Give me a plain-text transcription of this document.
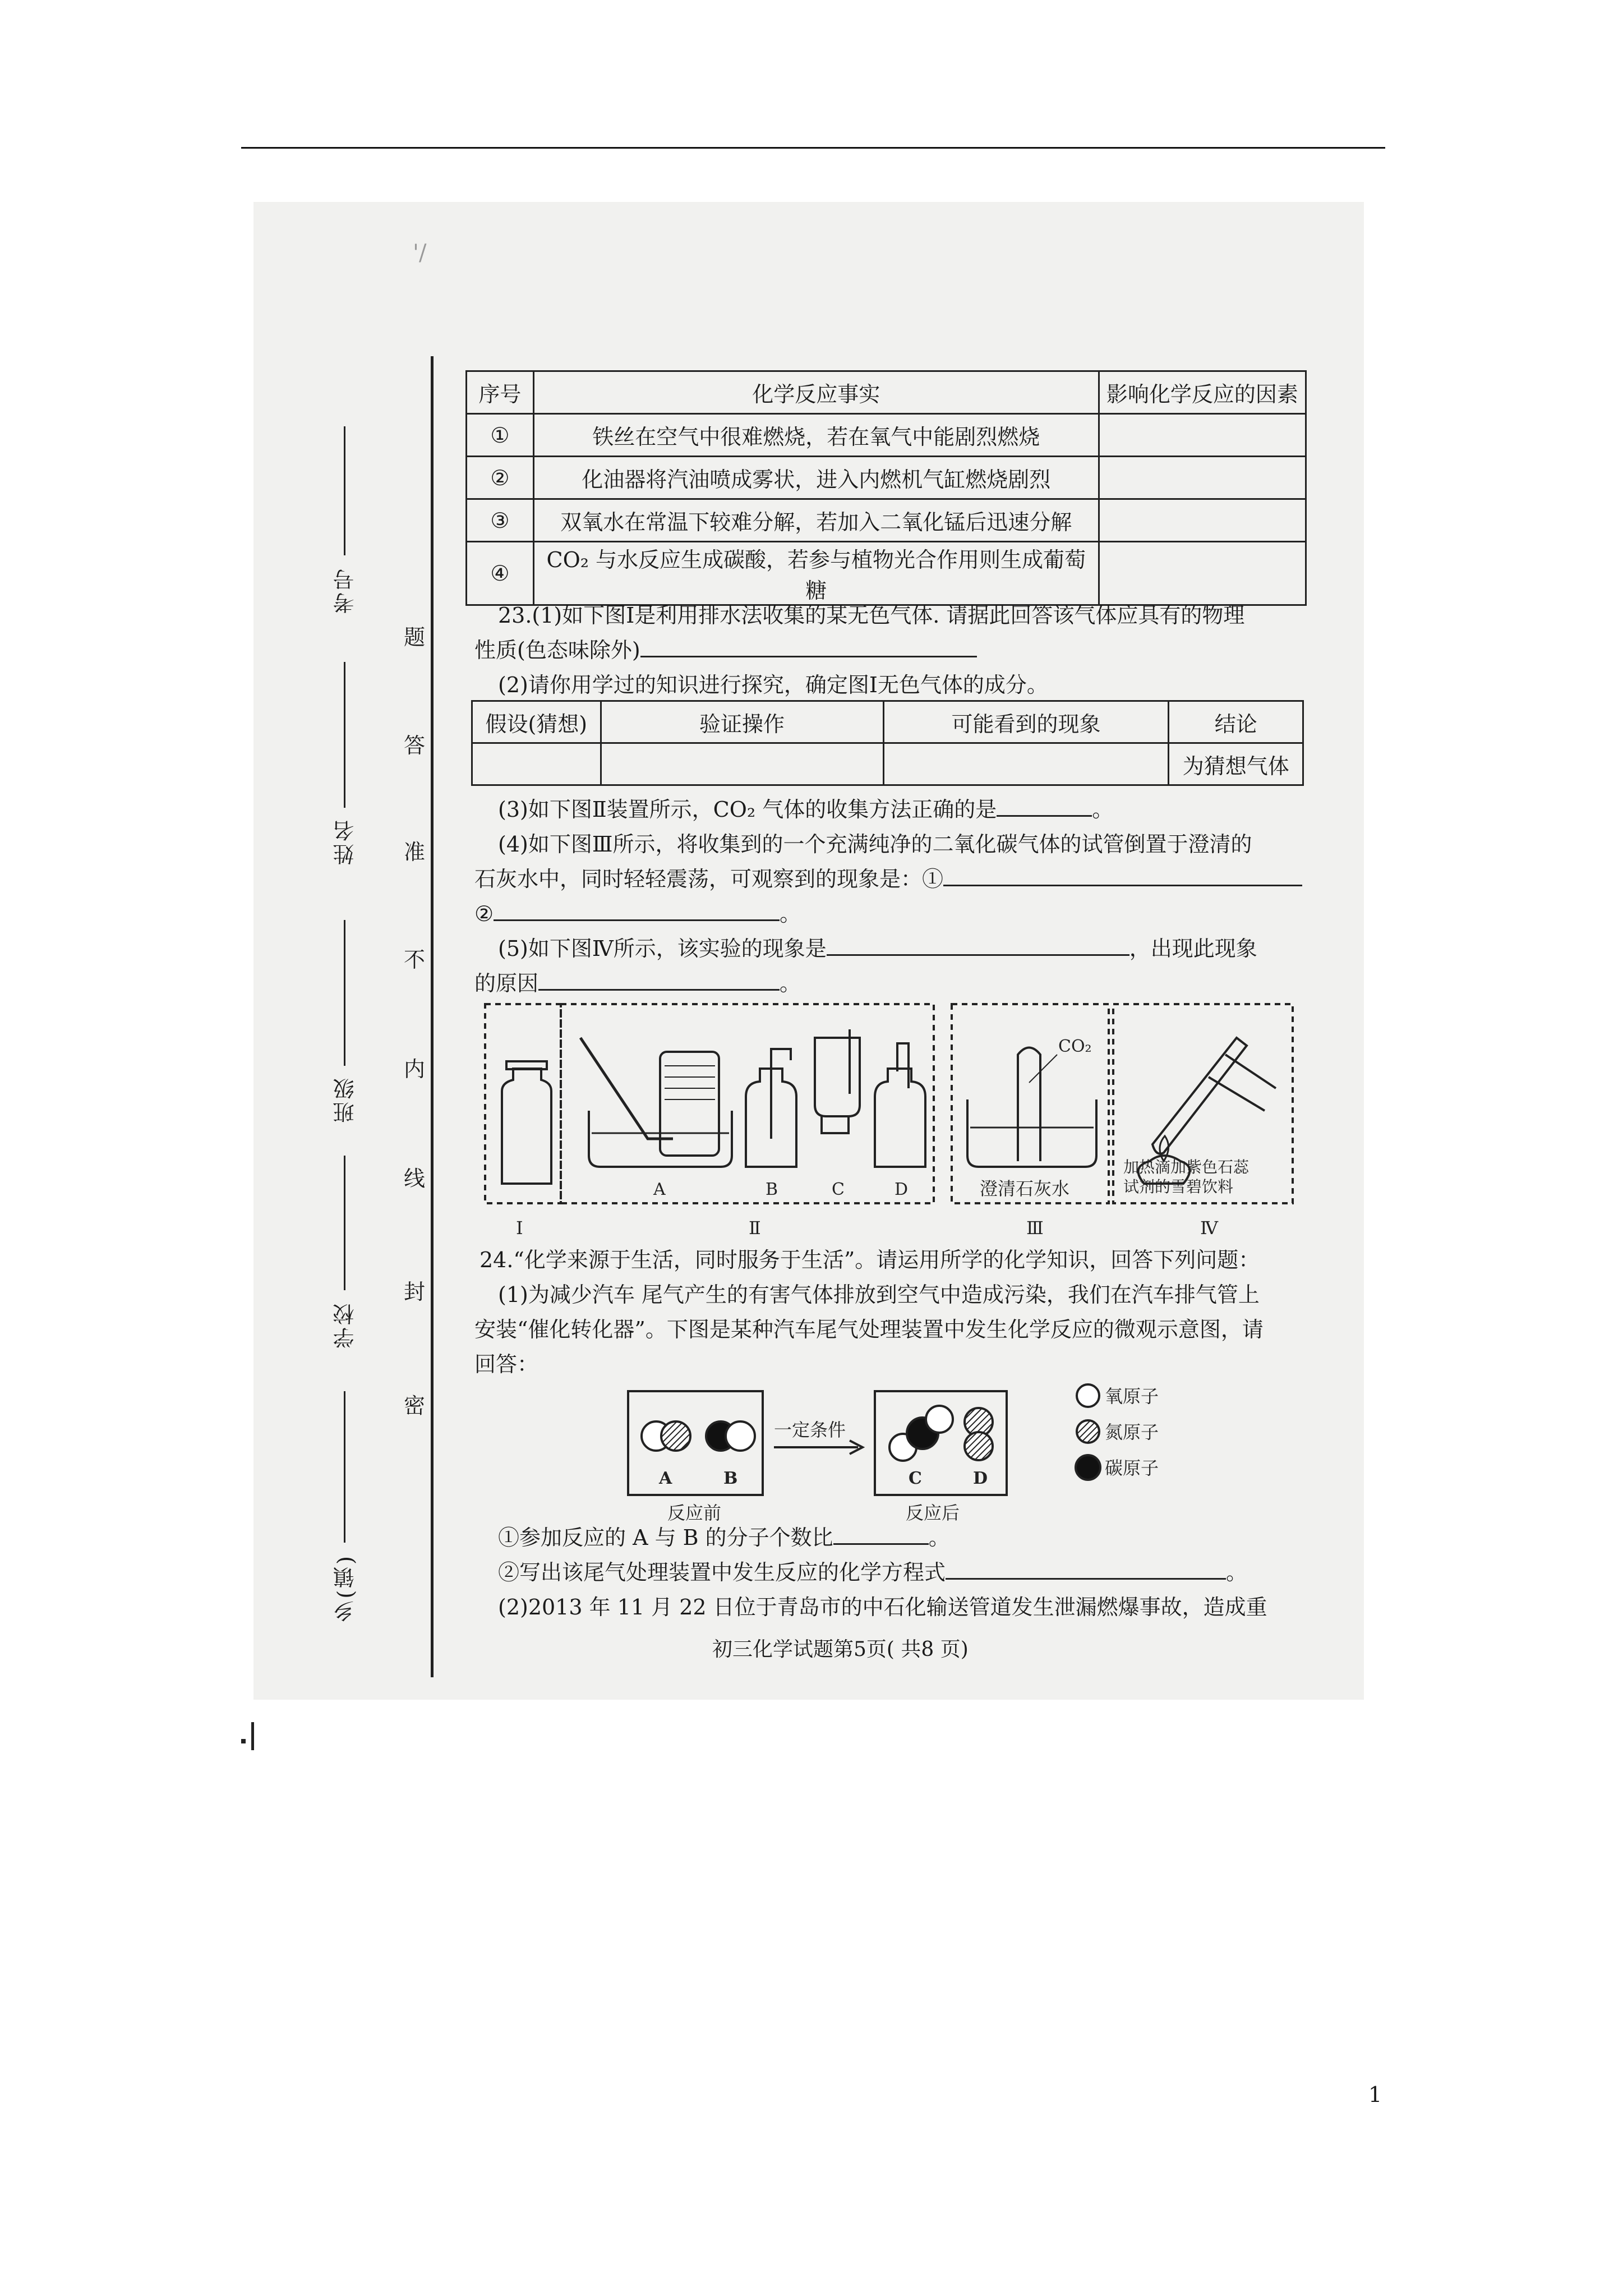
'/
考号
姓名
班级
学校
乡(镇)
题
答
准
不
内
线
封
密
序号	化学反应事实	影响化学反应的因素
①	铁丝在空气中很难燃烧，若在氧气中能剧烈燃烧	
②	化油器将汽油喷成雾状，进入内燃机气缸燃烧剧烈	
③	双氧水在常温下较难分解，若加入二氧化锰后迅速分解	
④	CO₂ 与水反应生成碳酸，若参与植物光合作用则生成葡萄糖	
23.(1)如下图Ⅰ是利用排水法收集的某无色气体. 请据此回答该气体应具有的物理
性质(色态味除外)
(2)请你用学过的知识进行探究，确定图Ⅰ无色气体的成分。
假设(猜想)	验证操作	可能看到的现象	结论
			为猜想气体
(3)如下图Ⅱ装置所示，CO₂ 气体的收集方法正确的是	。
(4)如下图Ⅲ所示，将收集到的一个充满纯净的二氧化碳气体的试管倒置于澄清的
石灰水中，同时轻轻震荡，可观察到的现象是：①
②	。
(5)如下图Ⅳ所示，该实验的现象是	，出现此现象
的原因	。
CO₂
澄清石灰水
加热滴加紫色石蕊
试剂的雪碧饮料
A	B	C	D
Ⅰ	Ⅱ	Ⅲ	Ⅳ
24.“化学来源于生活，同时服务于生活”。请运用所学的化学知识，回答下列问题：
(1)为减少汽车 尾气产生的有害气体排放到空气中造成污染，我们在汽车排气管上
安装“催化转化器”。下图是某种汽车尾气处理装置中发生化学反应的微观示意图，请
回答：
一定条件
A	B	C	D
反应前	反应后
氧原子
氮原子
碳原子
①参加反应的 A 与 B 的分子个数比	。
②写出该尾气处理装置中发生反应的化学方程式	。
(2)2013 年 11 月 22 日位于青岛市的中石化输送管道发生泄漏燃爆事故，造成重
初三化学试题第5页( 共8 页)
1
